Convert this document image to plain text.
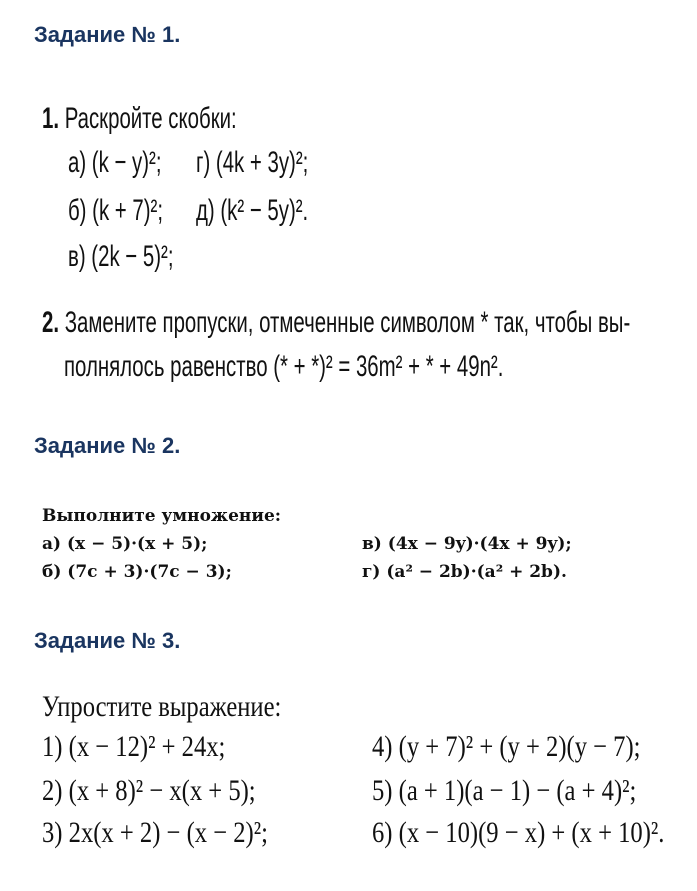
Задание № 1.
1. Раскройте скобки:
а) (k − y)²; г) (4k + 3y)²;
б) (k + 7)²; д) (k² − 5y)².
в) (2k − 5)²;
2. Замените пропуски, отмеченные символом * так, чтобы вы-
полнялось равенство (* + *)² = 36m² + * + 49n².
Задание № 2.
Выполните умножение:
а) (x − 5)·(x + 5);	в) (4x − 9y)·(4x + 9y);
б) (7c + 3)·(7c − 3);	г) (a² − 2b)·(a² + 2b).
Задание № 3.
Упростите выражение:
1) (x − 12)² + 24x;	4) (y + 7)² + (y + 2)(y − 7);
2) (x + 8)² − x(x + 5);	5) (a + 1)(a − 1) − (a + 4)²;
3) 2x(x + 2) − (x − 2)²;	6) (x − 10)(9 − x) + (x + 10)².
